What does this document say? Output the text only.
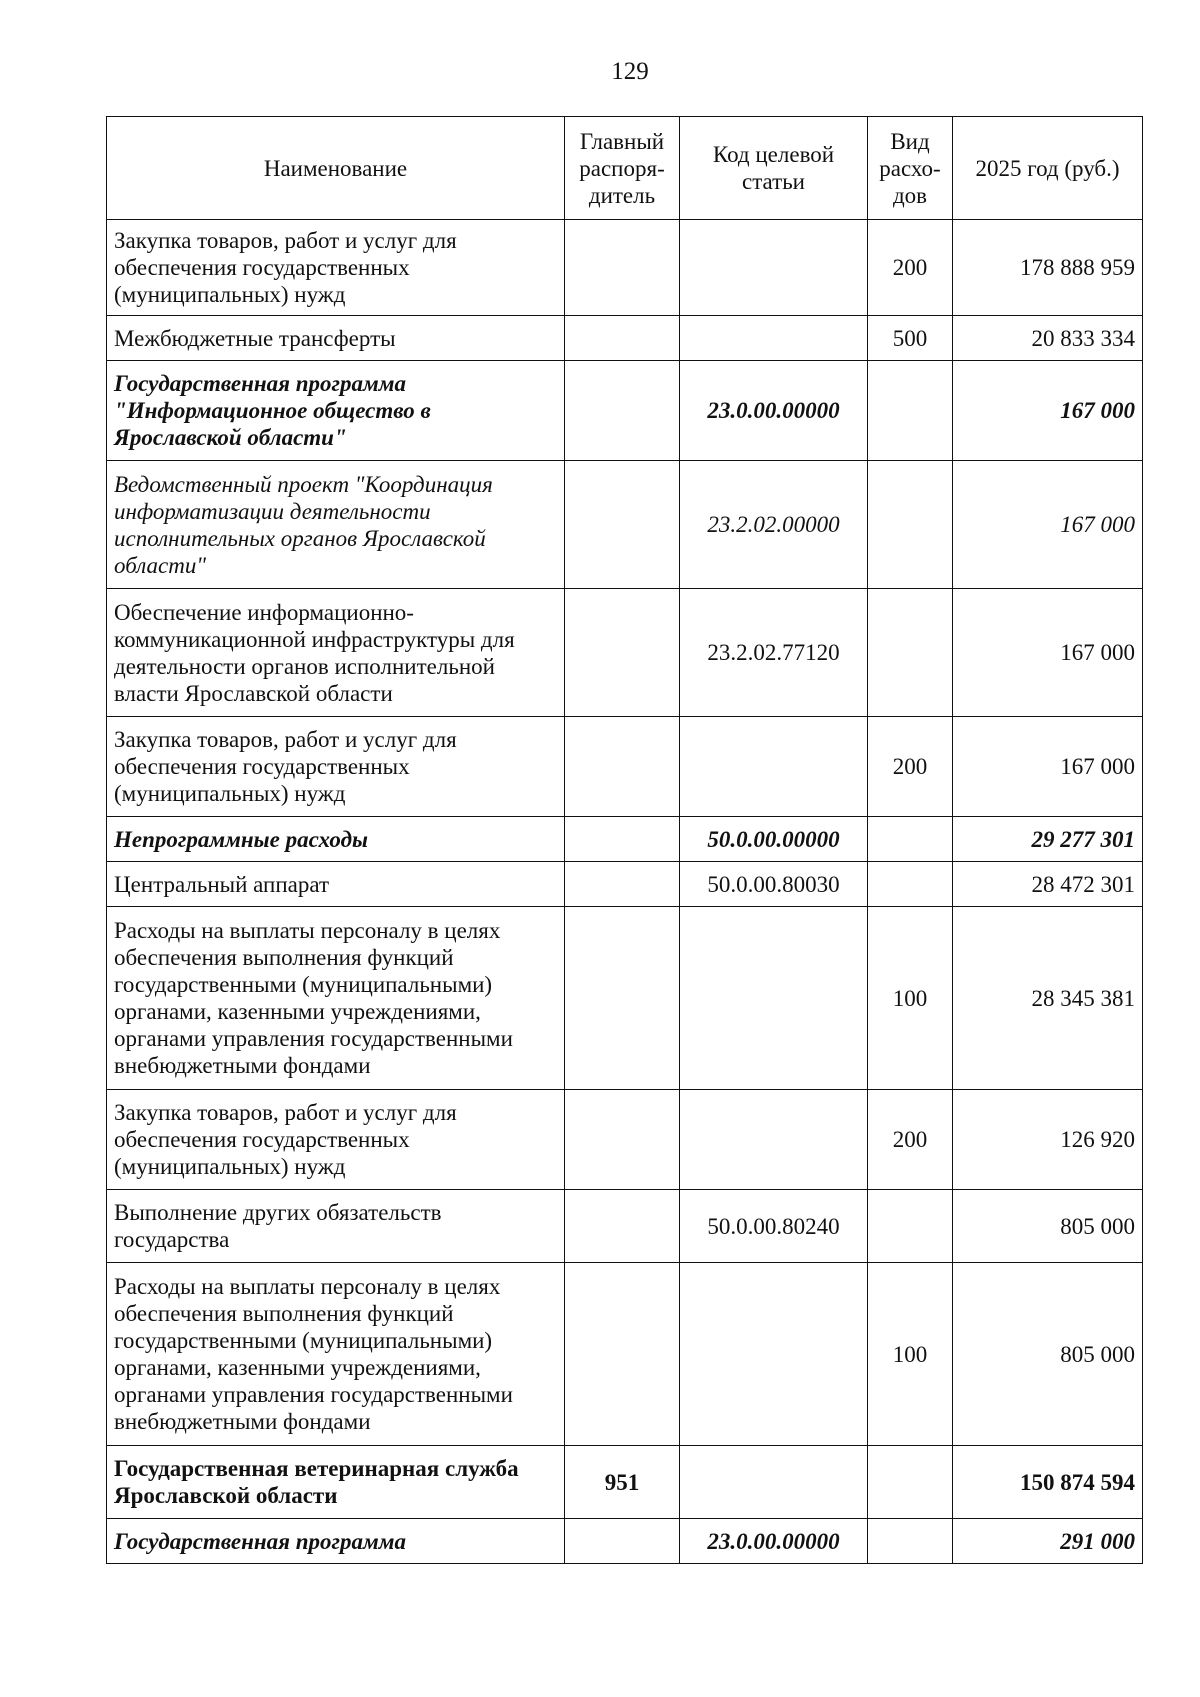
129
Наименование	Главный распоря-дитель	Код целевой статьи	Вид расхо-дов	2025 год (руб.)
Закупка товаров, работ и услуг для обеспечения государственных (муниципальных) нужд			200	178 888 959
Межбюджетные трансферты			500	20 833 334
Государственная программа "Информационное общество в Ярославской области"		23.0.00.00000		167 000
Ведомственный проект "Координация информатизации деятельности исполнительных органов Ярославской области"		23.2.02.00000		167 000
Обеспечение информационно-коммуникационной инфраструктуры для деятельности органов исполнительной власти Ярославской области		23.2.02.77120		167 000
Закупка товаров, работ и услуг для обеспечения государственных (муниципальных) нужд			200	167 000
Непрограммные расходы		50.0.00.00000		29 277 301
Центральный аппарат		50.0.00.80030		28 472 301
Расходы на выплаты персоналу в целях обеспечения выполнения функций государственными (муниципальными) органами, казенными учреждениями, органами управления государственными внебюджетными фондами			100	28 345 381
Закупка товаров, работ и услуг для обеспечения государственных (муниципальных) нужд			200	126 920
Выполнение других обязательств государства		50.0.00.80240		805 000
Расходы на выплаты персоналу в целях обеспечения выполнения функций государственными (муниципальными) органами, казенными учреждениями, органами управления государственными внебюджетными фондами			100	805 000
Государственная ветеринарная служба Ярославской области	951			150 874 594
Государственная программа		23.0.00.00000		291 000
